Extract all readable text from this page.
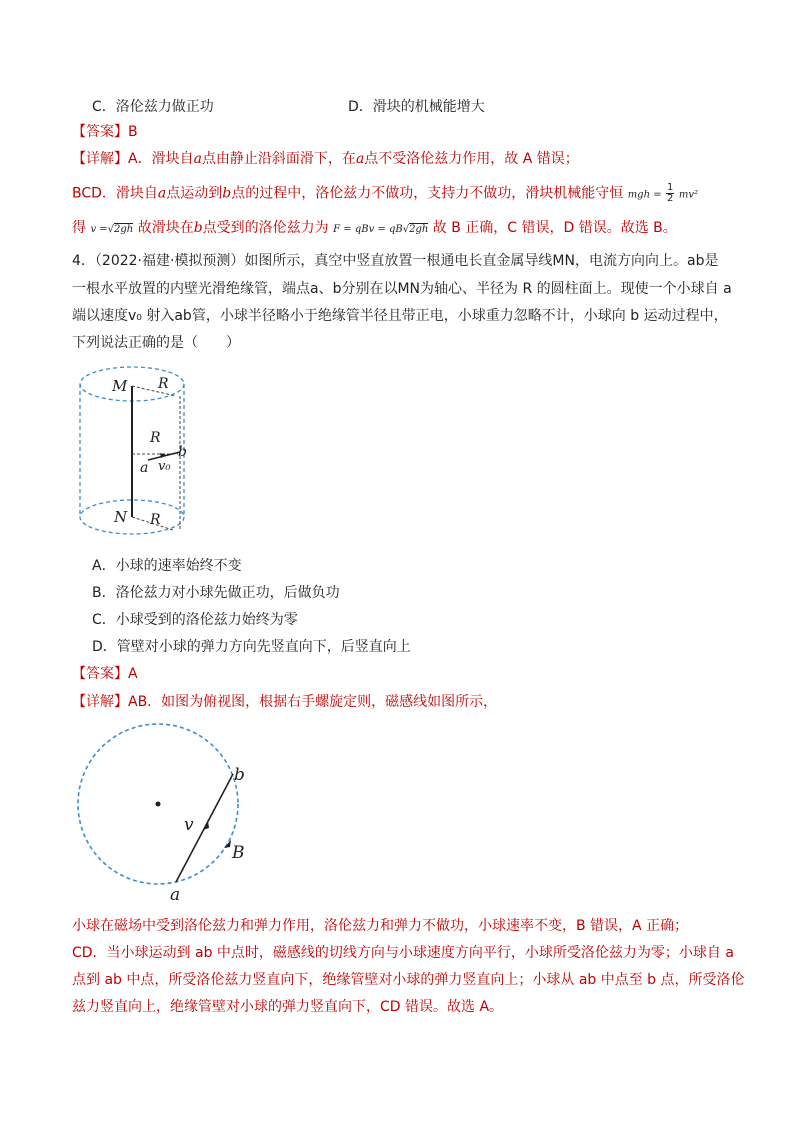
C．洛伦兹力做正功	D．滑块的机械能增大
【答案】B
【详解】A．滑块自a点由静止沿斜面滑下，在a点不受洛伦兹力作用，故 A 错误；
BCD．滑块自a点运动到b点的过程中，洛伦兹力不做功，支持力不做功，滑块机械能守恒 mgh = $\frac{1}{2} mv^2$
得 v =√2gh 故滑块在b点受到的洛伦兹力为 F = qBv = qB√2gh 故 B 正确，C 错误，D 错误。故选 B。
4．（2022·福建·模拟预测）如图所示，真空中竖直放置一根通电长直金属导线MN，电流方向向上。ab是
一根水平放置的内壁光滑绝缘管，端点a、b分别在以MN为轴心、半径为 R 的圆柱面上。现使一个小球自 a
端以速度v₀ 射入ab管，小球半径略小于绝缘管半径且带正电，小球重力忽略不计，小球向 b 运动过程中，
下列说法正确的是（　　）
M
N
R
R
R
a
b
v₀
A．小球的速率始终不变
B．洛伦兹力对小球先做正功，后做负功
C．小球受到的洛伦兹力始终为零
D．管壁对小球的弹力方向先竖直向下，后竖直向上
【答案】A
【详解】AB．如图为俯视图，根据右手螺旋定则，磁感线如图所示，
a
b
v
B
小球在磁场中受到洛伦兹力和弹力作用，洛伦兹力和弹力不做功，小球速率不变，B 错误，A 正确；
CD．当小球运动到 ab 中点时，磁感线的切线方向与小球速度方向平行，小球所受洛伦兹力为零；小球自 a
点到 ab 中点，所受洛伦兹力竖直向下，绝缘管壁对小球的弹力竖直向上；小球从 ab 中点至 b 点，所受洛伦
兹力竖直向上，绝缘管壁对小球的弹力竖直向下，CD 错误。故选 A。
